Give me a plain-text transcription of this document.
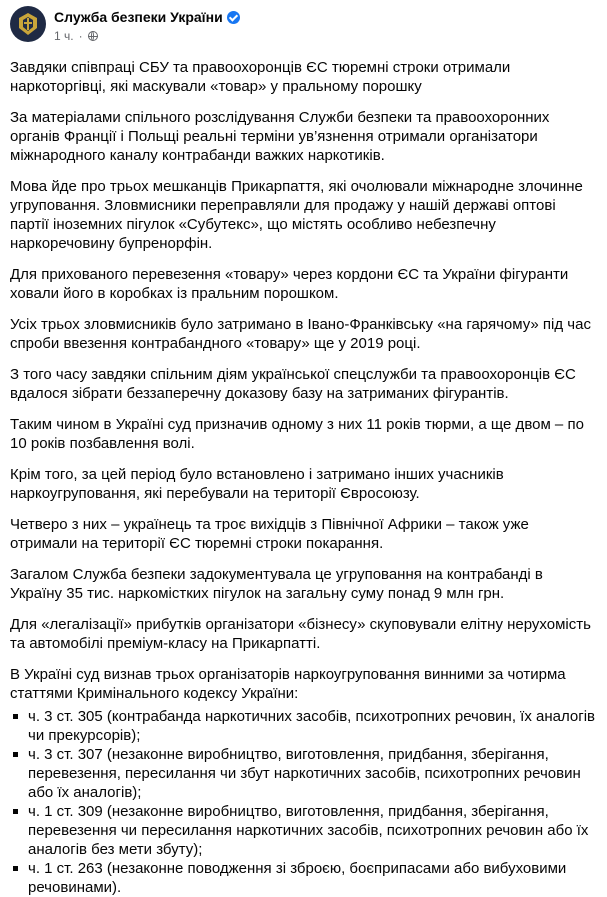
Служба безпеки України
1 ч. ·

Завдяки співпраці СБУ та правоохоронців ЄС тюремні строки отримали наркоторгівці, які маскували «товар» у пральному порошку

За матеріалами спільного розслідування Служби безпеки та правоохоронних органів Франції і Польщі реальні терміни ув’язнення отримали організатори міжнародного каналу контрабанди важких наркотиків.

Мова йде про трьох мешканців Прикарпаття, які очолювали міжнародне злочинне угруповання. Зловмисники переправляли для продажу у нашій державі оптові партії іноземних пігулок «Субутекс», що містять особливо небезпечну наркоречовину бупренорфін.

Для прихованого перевезення «товару» через кордони ЄС та України фігуранти ховали його в коробках із пральним порошком.

Усіх трьох зловмисників було затримано в Івано-Франківську «на гарячому» під час спроби ввезення контрабандного «товару» ще у 2019 році.

З того часу завдяки спільним діям української спецслужби та правоохоронців ЄС вдалося зібрати беззаперечну доказову базу на затриманих фігурантів.

Таким чином в Україні суд призначив одному з них 11 років тюрми, а ще двом – по 10 років позбавлення волі.

Крім того, за цей період було встановлено і затримано інших учасників наркоугруповання, які перебували на території Євросоюзу.

Четверо з них – українець та троє вихідців з Північної Африки – також уже отримали на території ЄС тюремні строки покарання.

Загалом Служба безпеки задокументувала це угруповання на контрабанді в Україну 35 тис. наркомістких пігулок на загальну суму понад 9 млн грн.

Для «легалізації» прибутків організатори «бізнесу» скуповували елітну нерухомість та автомобілі преміум-класу на Прикарпатті.

В Україні суд визнав трьох організаторів наркоугруповання винними за чотирма статтями Кримінального кодексу України:

ч. 3 ст. 305 (контрабанда наркотичних засобів, психотропних речовин, їх аналогів чи прекурсорів);
ч. 3 ст. 307 (незаконне виробництво, виготовлення, придбання, зберігання, перевезення, пересилання чи збут наркотичних засобів, психотропних речовин або їх аналогів);
ч. 1 ст. 309 (незаконне виробництво, виготовлення, придбання, зберігання, перевезення чи пересилання наркотичних засобів, психотропних речовин або їх аналогів без мети збуту);
ч. 1 ст. 263 (незаконне поводження зі зброєю, боєприпасами або вибуховими речовинами).
